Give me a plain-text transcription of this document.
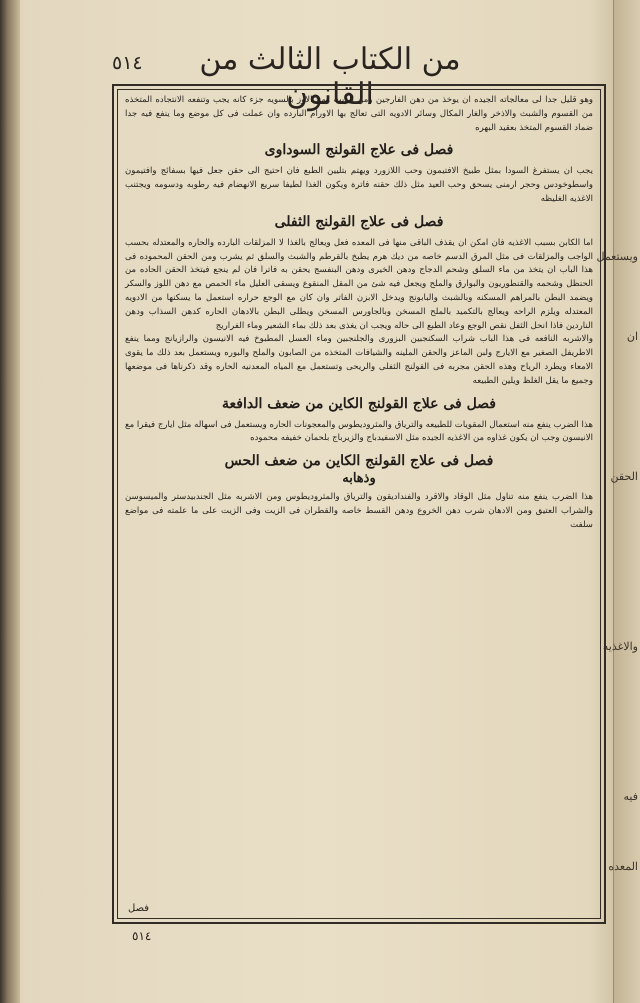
ويستعمل
ان
الحقن
والاغذيه
فيه
المعده
من الكتاب الثالث من القانون
٥١٤

وهو قليل جدا لى معالجاته الجيده ان يوخذ من دهن الفارجين ومن الزيت ومخ الاوز بالسويه جزء كانه يجب وتنفعه الانتجاده المتخذه من القسوم والشبث والاذخر والغار المكال وسائر الادويه التى تعالج بها الاورام البارده وان عملت فى كل موضع وما ينفع فيه جدا ضماد القسوم المتخذ بعقيد البهره

فصل فى علاج القولنج السوداوى

يجب ان يستفرغ السودا بمثل طبيخ الافتيمون وحب اللازورد ويهتم بتليين الطبع فان احتيج الى حقن جعل فيها بسفائج وافتيمون واسطوخودس وحجر ارمنى يسحق وحب العيد مثل ذلك حقنه فاترة ويكون الغذا لطيفا سريع الانهضام فيه رطوبه ودسومه ويجتنب الاغذيه الغليظه

فصل فى علاج القولنج الثفلى

اما الكابن بسبب الاغذيه فان امكن ان يقذف الباقى منها فى المعده فعل ويعالج بالغذا لا المزلقات البارده والحاره والمعتدله بحسب الواجب والمزلقات فى مثل المرق الدسم خاصه من ديك هرم يطبخ بالقرطم والشبث والسلق ثم يشرب ومن الحقن المحموده فى هذا الباب ان يتخذ من ماء السلق وشحم الدجاج ودهن الخيرى ودهن البنفسج يحقن به فاترا فان لم ينجع فيتخذ الحقن الحاده من الحنظل وشحمه والقنطوريون والبوارق والملح ويجعل فيه شئ من المقل المنقوع ويسقى العليل ماء الحمص مع دهن اللوز والسكر ويضمد البطن بالمراهم المسكنه وبالشبث والبابونج ويدخل الابزن الفاتر وان كان مع الوجع حراره استعمل ما يسكنها من الادويه المعتدله ويلزم الراحه ويعالج بالتكميد بالملح المسخن وبالجاورس المسخن ويطلى البطن بالادهان الحاره كدهن السذاب ودهن الناردين فاذا انحل الثفل نقص الوجع وعاد الطبع الى حاله ويجب ان يغذى بعد ذلك بماء الشعير وماء الفراريج

والاشربه النافعه فى هذا الباب شراب السكنجبين البزورى والجلنجبين وماء العسل المطبوخ فيه الانيسون والرازيانج ومما ينفع الاطريفل الصغير مع الايارج ولبن الماعز والحقن الملينه والشيافات المتخذه من الصابون والملح والبوره ويستعمل بعد ذلك ما يقوى الامعاء ويطرد الرياح وهذه الحقن مجربه فى القولنج الثفلى والريحى وتستعمل مع المياه المعدنيه الحاره وقد ذكرناها فى موضعها وجميع ما يقل الغلظ ويلين الطبيعه

فصل فى علاج القولنج الكاين من ضعف الدافعة

هذا الضرب ينفع منه استعمال المقويات للطبيعه والترياق والمثروديطوس والمعجونات الحاره ويستعمل فى اسهاله مثل ايارج فيقرا مع الانيسون وجب ان يكون غذاوه من الاغذيه الجيده مثل الاسفيدباج والزيرباج بلحمان خفيفه محموده

فصل فى علاج القولنج الكاين من ضعف الحس
وذهابه

هذا الضرب ينفع منه تناول مثل الوقاد والاقرد والفنداديقون والترياق والمثروديطوس ومن الاشربه مثل الجندبيدستر والميسوسن والشراب العتيق ومن الادهان شرب دهن الخروع ودهن القسط خاصه والقطران فى الزيت وفى الزيت على ما علمته فى مواضع سلفت

فصل
٥١٤
